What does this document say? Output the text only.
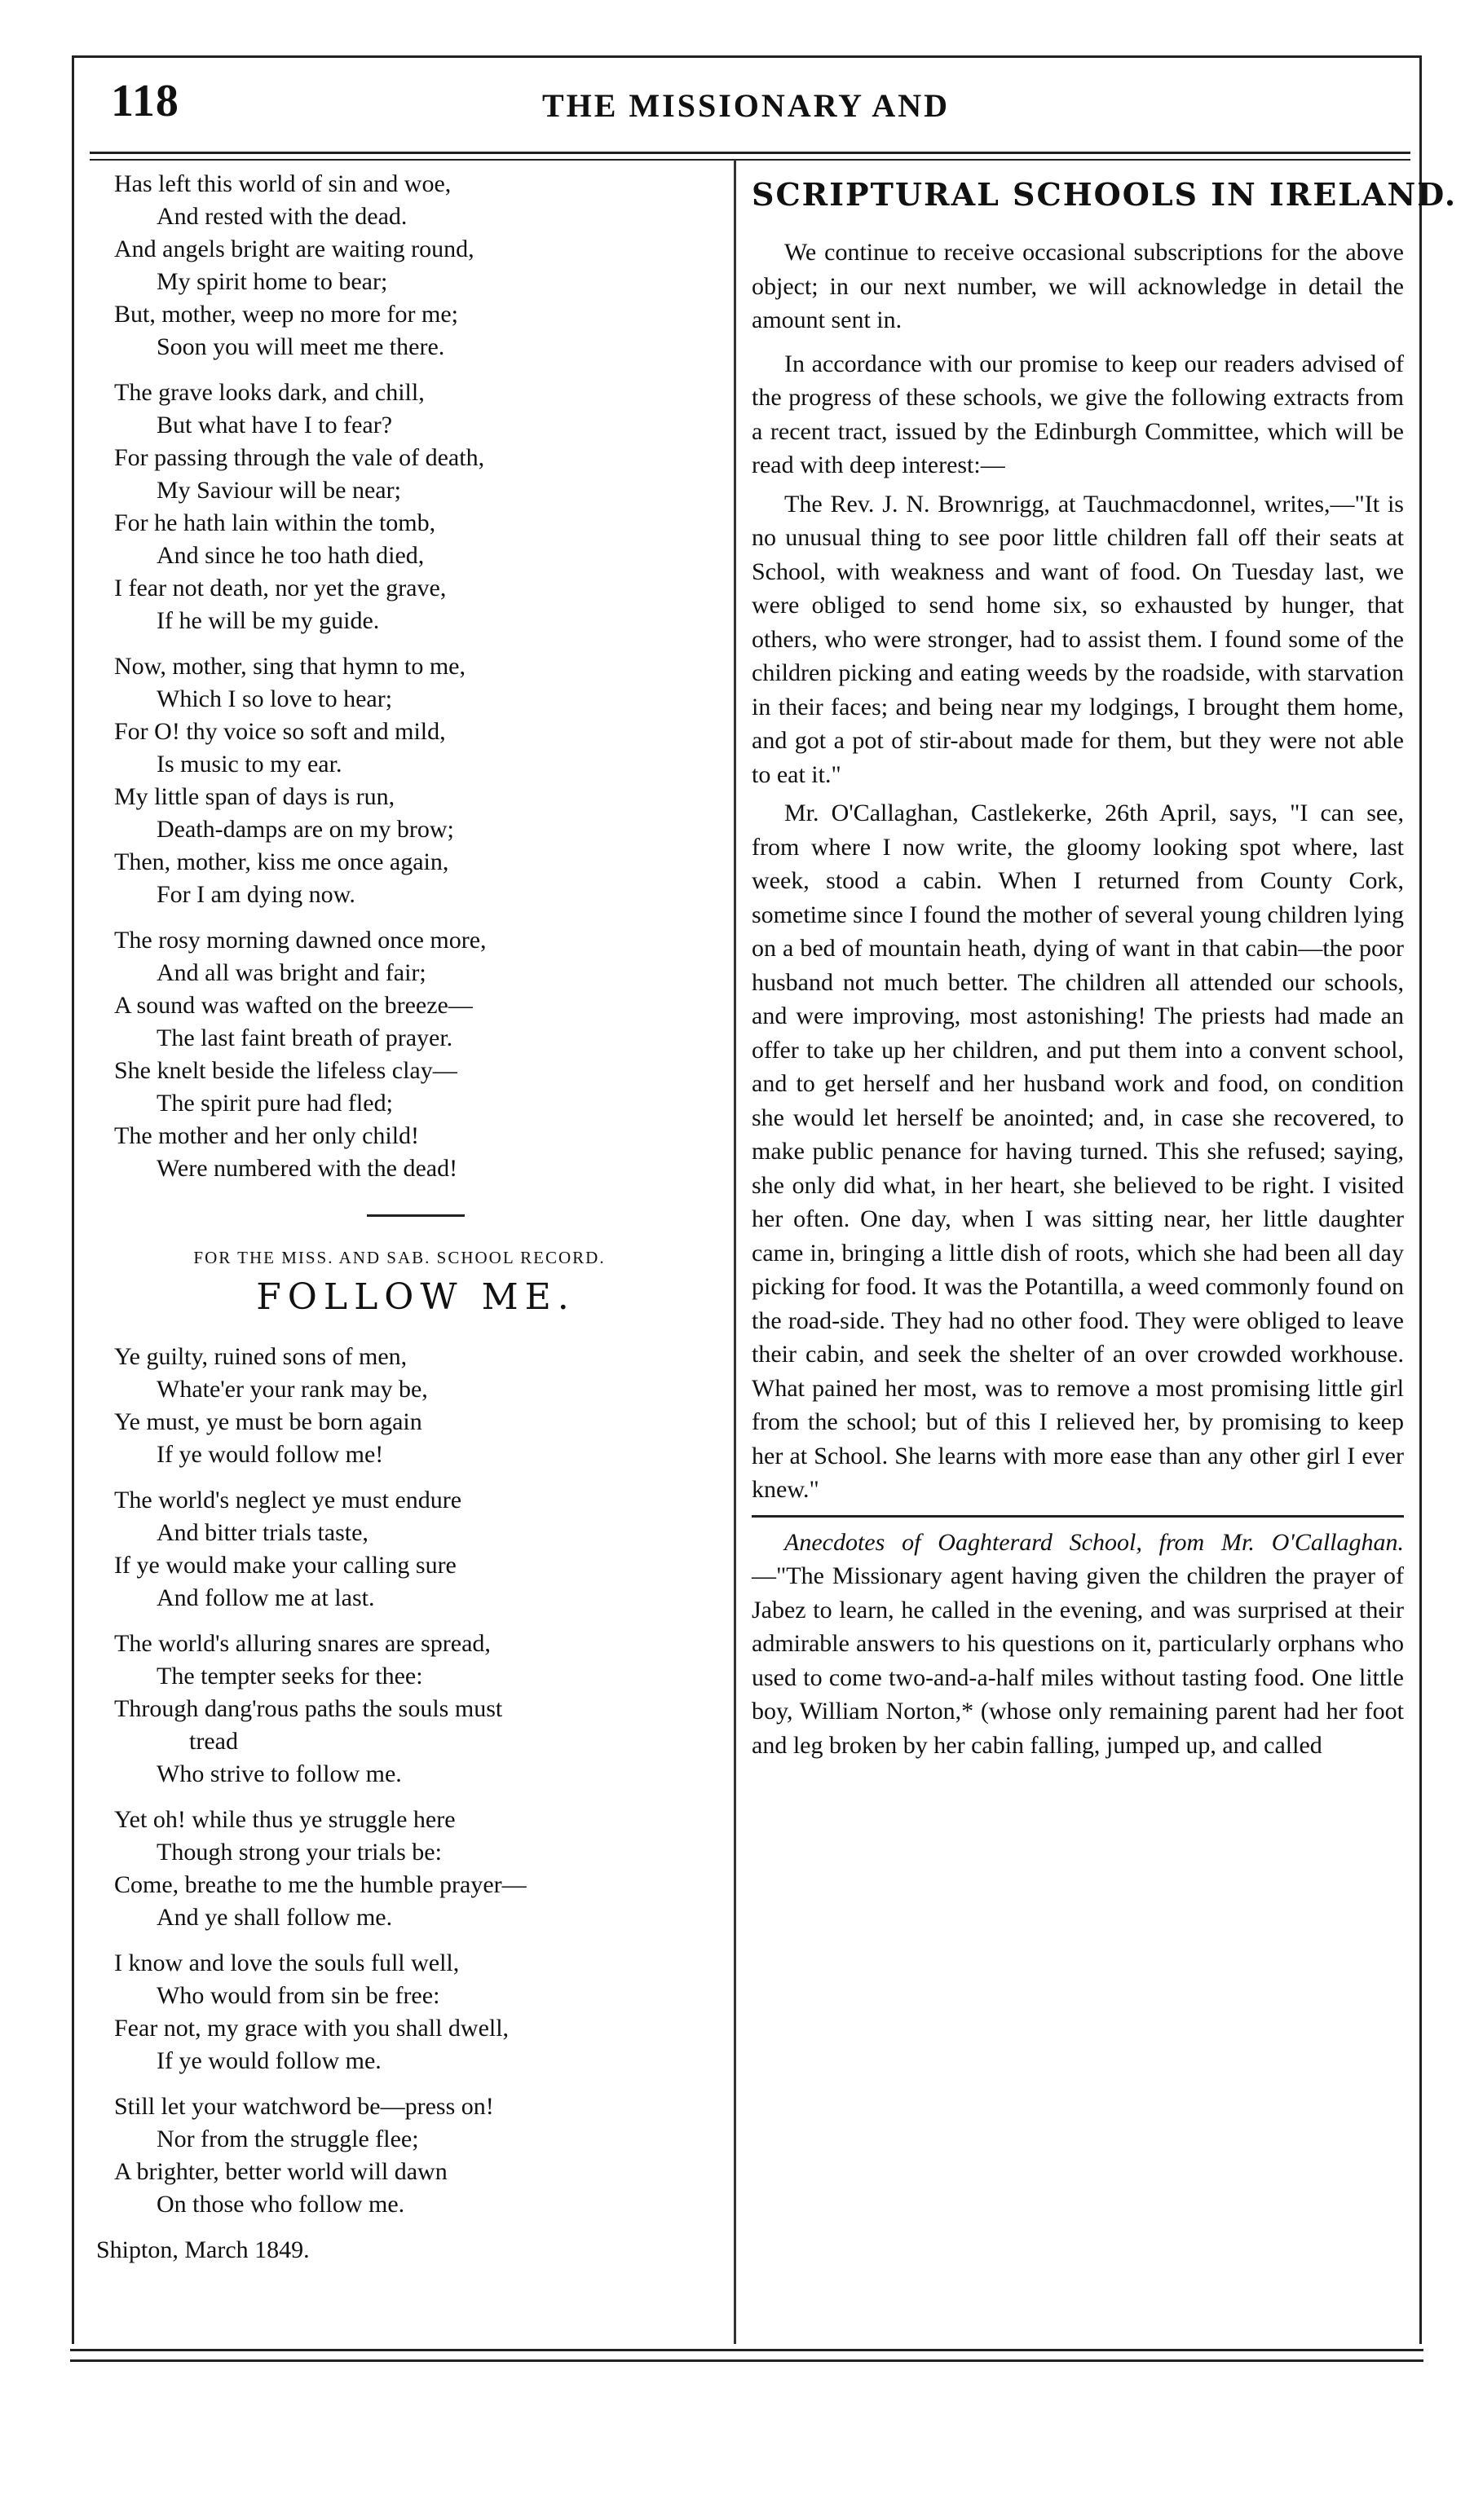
118	THE MISSIONARY AND
Has left this world of sin and woe,
And rested with the dead.
And angels bright are waiting round,
My spirit home to bear;
But, mother, weep no more for me;
Soon you will meet me there.
The grave looks dark, and chill,
But what have I to fear?
For passing through the vale of death,
My Saviour will be near;
For he hath lain within the tomb,
And since he too hath died,
I fear not death, nor yet the grave,
If he will be my guide.
Now, mother, sing that hymn to me,
Which I so love to hear;
For O! thy voice so soft and mild,
Is music to my ear.
My little span of days is run,
Death-damps are on my brow;
Then, mother, kiss me once again,
For I am dying now.
The rosy morning dawned once more,
And all was bright and fair;
A sound was wafted on the breeze—
The last faint breath of prayer.
She knelt beside the lifeless clay—
The spirit pure had fled;
The mother and her only child!
Were numbered with the dead!
FOR THE MISS. AND SAB. SCHOOL RECORD.
FOLLOW ME.
Ye guilty, ruined sons of men,
Whate'er your rank may be,
Ye must, ye must be born again
If ye would follow me!
The world's neglect ye must endure
And bitter trials taste,
If ye would make your calling sure
And follow me at last.
The world's alluring snares are spread,
The tempter seeks for thee:
Through dang'rous paths the souls must
tread
Who strive to follow me.
Yet oh! while thus ye struggle here
Though strong your trials be:
Come, breathe to me the humble prayer—
And ye shall follow me.
I know and love the souls full well,
Who would from sin be free:
Fear not, my grace with you shall dwell,
If ye would follow me.
Still let your watchword be—press on!
Nor from the struggle flee;
A brighter, better world will dawn
On those who follow me.
Shipton, March 1849.
SCRIPTURAL SCHOOLS IN IRELAND.

We continue to receive occasional subscriptions for the above object; in our next number, we will acknowledge in detail the amount sent in.

In accordance with our promise to keep our readers advised of the progress of these schools, we give the following extracts from a recent tract, issued by the Edinburgh Committee, which will be read with deep interest:—

The Rev. J. N. Brownrigg, at Tauchmacdonnel, writes,—"It is no unusual thing to see poor little children fall off their seats at School, with weakness and want of food. On Tuesday last, we were obliged to send home six, so exhausted by hunger, that others, who were stronger, had to assist them. I found some of the children picking and eating weeds by the roadside, with starvation in their faces; and being near my lodgings, I brought them home, and got a pot of stir-about made for them, but they were not able to eat it."

Mr. O'Callaghan, Castlekerke, 26th April, says, "I can see, from where I now write, the gloomy looking spot where, last week, stood a cabin. When I returned from County Cork, sometime since I found the mother of several young children lying on a bed of mountain heath, dying of want in that cabin—the poor husband not much better. The children all attended our schools, and were improving, most astonishing! The priests had made an offer to take up her children, and put them into a convent school, and to get herself and her husband work and food, on condition she would let herself be anointed; and, in case she recovered, to make public penance for having turned. This she refused; saying, she only did what, in her heart, she believed to be right. I visited her often. One day, when I was sitting near, her little daughter came in, bringing a little dish of roots, which she had been all day picking for food. It was the Potantilla, a weed commonly found on the road-side. They had no other food. They were obliged to leave their cabin, and seek the shelter of an over crowded workhouse. What pained her most, was to remove a most promising little girl from the school; but of this I relieved her, by promising to keep her at School. She learns with more ease than any other girl I ever knew."

Anecdotes of Oaghterard School, from Mr. O'Callaghan.—"The Missionary agent having given the children the prayer of Jabez to learn, he called in the evening, and was surprised at their admirable answers to his questions on it, particularly orphans who used to come two-and-a-half miles without tasting food. One little boy, William Norton,* (whose only remaining parent had her foot and leg broken by her cabin falling, jumped up, and called
